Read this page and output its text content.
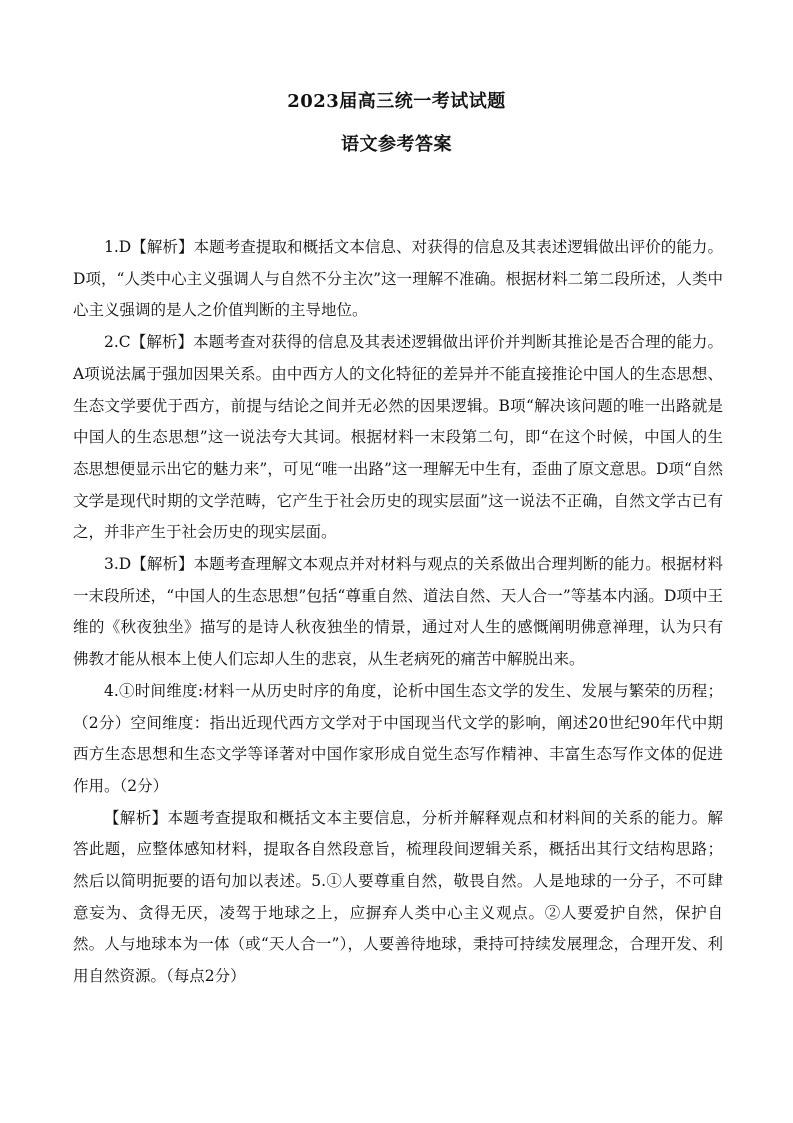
2023届高三统一考试试题
语文参考答案

1.D【解析】本题考查提取和概括文本信息、对获得的信息及其表述逻辑做出评价的能力。D项，“人类中心主义强调人与自然不分主次”这一理解不准确。根据材料二第二段所述，人类中心主义强调的是人之价值判断的主导地位。

2.C【解析】本题考查对获得的信息及其表述逻辑做出评价并判断其推论是否合理的能力。A项说法属于强加因果关系。由中西方人的文化特征的差异并不能直接推论中国人的生态思想、生态文学要优于西方，前提与结论之间并无必然的因果逻辑。B项“解决该问题的唯一出路就是中国人的生态思想”这一说法夸大其词。根据材料一末段第二句，即“在这个时候，中国人的生态思想便显示出它的魅力来”，可见“唯一出路”这一理解无中生有，歪曲了原文意思。D项“自然文学是现代时期的文学范畴，它产生于社会历史的现实层面”这一说法不正确，自然文学古已有之，并非产生于社会历史的现实层面。

3.D【解析】本题考查理解文本观点并对材料与观点的关系做出合理判断的能力。根据材料一末段所述，“中国人的生态思想”包括“尊重自然、道法自然、天人合一”等基本内涵。D项中王维的《秋夜独坐》描写的是诗人秋夜独坐的情景，通过对人生的感慨阐明佛意禅理，认为只有佛教才能从根本上使人们忘却人生的悲哀，从生老病死的痛苦中解脱出来。

4.①时间维度:材料一从历史时序的角度，论析中国生态文学的发生、发展与繁荣的历程；（2分）空间维度：指出近现代西方文学对于中国现当代文学的影响，阐述20世纪90年代中期西方生态思想和生态文学等译著对中国作家形成自觉生态写作精神、丰富生态写作文体的促进作用。（2分）

【解析】本题考查提取和概括文本主要信息，分析并解释观点和材料间的关系的能力。解答此题，应整体感知材料，提取各自然段意旨，梳理段间逻辑关系，概括出其行文结构思路；然后以简明扼要的语句加以表述。5.①人要尊重自然，敬畏自然。人是地球的一分子，不可肆意妄为、贪得无厌，凌驾于地球之上，应摒弃人类中心主义观点。②人要爱护自然，保护自然。人与地球本为一体（或“天人合一”），人要善待地球，秉持可持续发展理念，合理开发、利用自然资源。（每点2分）
